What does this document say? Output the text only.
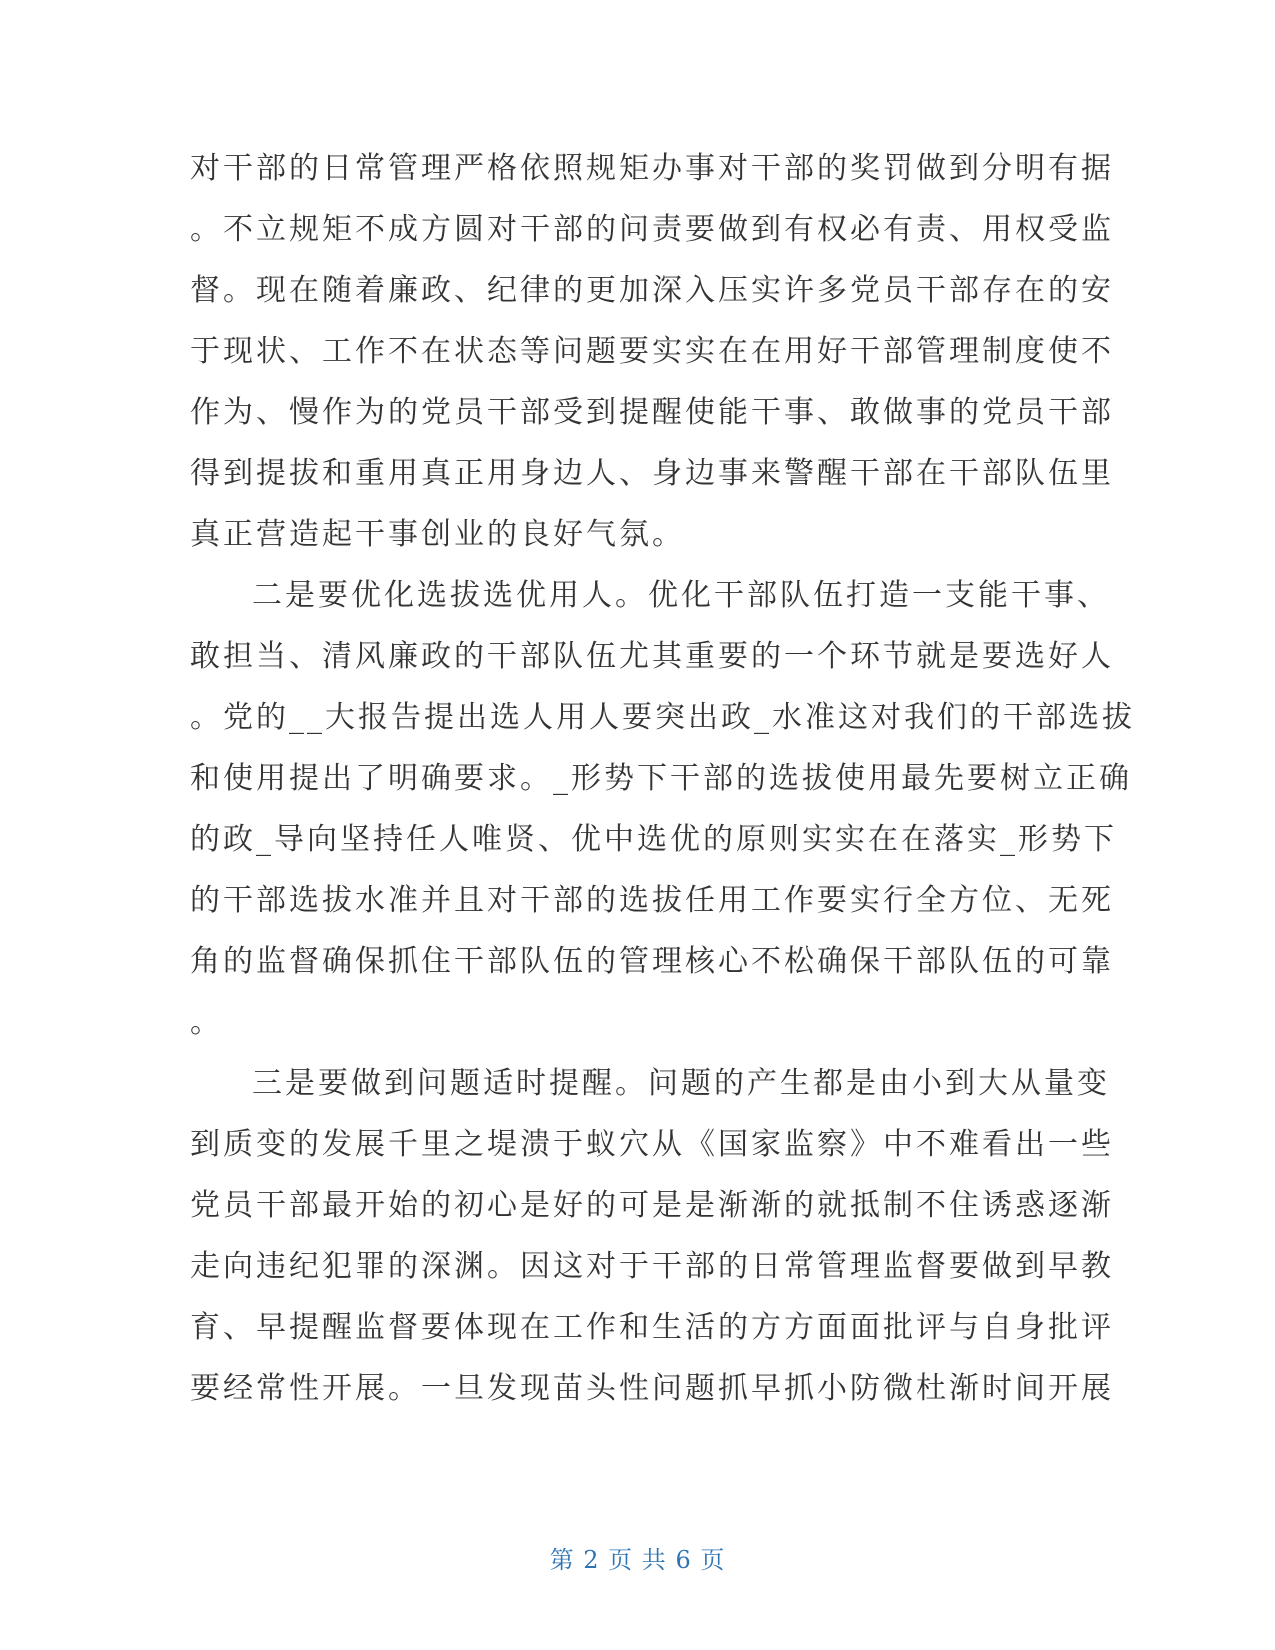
对干部的日常管理严格依照规矩办事对干部的奖罚做到分明有据
。不立规矩不成方圆对干部的问责要做到有权必有责、用权受监
督。现在随着廉政、纪律的更加深入压实许多党员干部存在的安
于现状、工作不在状态等问题要实实在在用好干部管理制度使不
作为、慢作为的党员干部受到提醒使能干事、敢做事的党员干部
得到提拔和重用真正用身边人、身边事来警醒干部在干部队伍里
真正营造起干事创业的良好气氛。
二是要优化选拔选优用人。优化干部队伍打造一支能干事、
敢担当、清风廉政的干部队伍尤其重要的一个环节就是要选好人
。党的__大报告提出选人用人要突出政_水准这对我们的干部选拔
和使用提出了明确要求。_形势下干部的选拔使用最先要树立正确
的政_导向坚持任人唯贤、优中选优的原则实实在在落实_形势下
的干部选拔水准并且对干部的选拔任用工作要实行全方位、无死
角的监督确保抓住干部队伍的管理核心不松确保干部队伍的可靠
。
三是要做到问题适时提醒。问题的产生都是由小到大从量变
到质变的发展千里之堤溃于蚁穴从《国家监察》中不难看出一些
党员干部最开始的初心是好的可是是渐渐的就抵制不住诱惑逐渐
走向违纪犯罪的深渊。因这对于干部的日常管理监督要做到早教
育、早提醒监督要体现在工作和生活的方方面面批评与自身批评
要经常性开展。一旦发现苗头性问题抓早抓小防微杜渐时间开展
第 2 页 共 6 页
